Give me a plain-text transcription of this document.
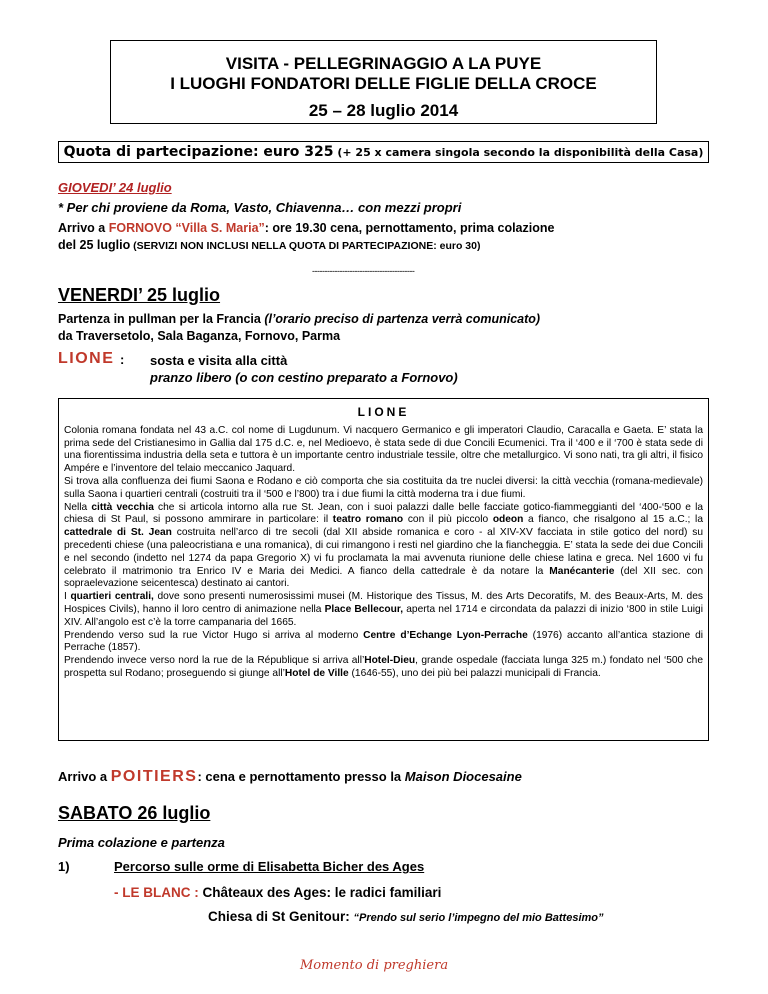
VISITA - PELLEGRINAGGIO A LA PUYE
I LUOGHI FONDATORI DELLE FIGLIE DELLA CROCE
25 – 28 luglio 2014
Quota di partecipazione: euro 325 (+ 25 x camera singola secondo la disponibilità della Casa)
GIOVEDI’ 24 luglio
* Per chi proviene da Roma, Vasto, Chiavenna… con mezzi propri
Arrivo a FORNOVO “Villa S. Maria”: ore 19.30 cena, pernottamento, prima colazione
del 25 luglio (SERVIZI NON INCLUSI NELLA QUOTA DI PARTECIPAZIONE: euro 30)
-----------------------------------------
VENERDI’ 25 luglio
Partenza in pullman per la Francia (l’orario preciso di partenza verrà comunicato)
da Traversetolo, Sala Baganza, Fornovo, Parma
LIONE : sosta e visita alla città
pranzo libero (o con cestino preparato a Fornovo)
LIONE

Colonia romana fondata nel 43 a.C. col nome di Lugdunum. Vi nacquero Germanico e gli imperatori Claudio, Caracalla e Gaeta. E’ stata la prima sede del Cristianesimo in Gallia dal 175 d.C. e, nel Medioevo, è stata sede di due Concili Ecumenici. Tra il ‘400 e il ‘700 è stata sede di una fiorentissima industria della seta e tuttora è un importante centro industriale tessile, oltre che metallurgico. Vi sono nati, tra gli altri, il fisico Ampére e l’inventore del telaio meccanico Jaquard.

Si trova alla confluenza dei fiumi Saona e Rodano e ciò comporta che sia costituita da tre nuclei diversi: la città vecchia (romana-medievale) sulla Saona i quartieri centrali (costruiti tra il ‘500 e l’800) tra i due fiumi la città moderna tra i due fiumi.

Nella città vecchia che si articola intorno alla rue St. Jean, con i suoi palazzi dalle belle facciate gotico-fiammeggianti del ‘400-‘500 e la chiesa di St Paul, si possono ammirare in particolare: il teatro romano con il più piccolo odeon a fianco, che risalgono al 15 a.C.; la cattedrale di St. Jean costruita nell’arco di tre secoli (dal XII abside romanica e coro - al XIV-XV facciata in stile gotico del nord) su precedenti chiese (una paleocristiana e una romanica), di cui rimangono i resti nel giardino che la fiancheggia. E’ stata la sede dei due Concili e nel secondo (indetto nel 1274 da papa Gregorio X) vi fu proclamata la mai avvenuta riunione delle chiese latina e greca. Nel 1600 vi fu celebrato il matrimonio tra Enrico IV e Maria dei Medici. A fianco della cattedrale è da notare la Manécanterie (del XII sec. con sopraelevazione seicentesca) destinato ai cantori.

I quartieri centrali, dove sono presenti numerosissimi musei (M. Historique des Tissus, M. des Arts Decoratifs, M. des Beaux-Arts, M. des Hospices Civils), hanno il loro centro di animazione nella Place Bellecour, aperta nel 1714 e circondata da palazzi di inizio ‘800 in stile Luigi XIV. All’angolo est c’è la torre campanaria del 1665.

Prendendo verso sud la rue Victor Hugo si arriva al moderno Centre d’Echange Lyon-Perrache (1976) accanto all’antica stazione di Perrache (1857).

Prendendo invece verso nord la rue de la République si arriva all’Hotel-Dieu, grande ospedale (facciata lunga 325 m.) fondato nel ‘500 che prospetta sul Rodano; proseguendo si giunge all’Hotel de Ville (1646-55), uno dei più bei palazzi municipali di Francia.

Arrivo a POITIERS: cena e pernottamento presso la Maison Diocesaine
SABATO 26 luglio
Prima colazione e partenza
1)	Percorso sulle orme di Elisabetta Bicher des Ages
- LE BLANC : Châteaux des Ages: le radici familiari
Chiesa di St Genitour: “Prendo sul serio l’impegno del mio Battesimo”
Momento di preghiera
